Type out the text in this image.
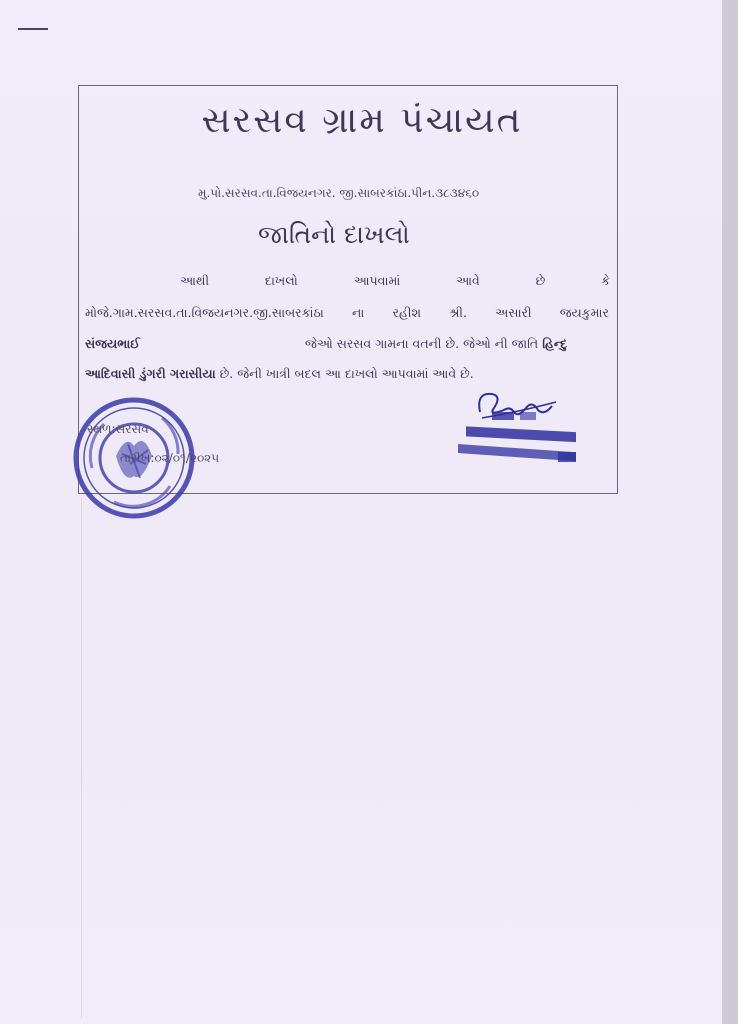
સરસવ ગ્રામ પંચાયત
મુ.પો.સરસવ.તા.વિજયનગર. જી.સાબરકાંઠા.પીન.૩૮૩૪૬૦
જાતિનો દાખલો
આથી	દાખલો	આપવામાં	આવે	છે	કે
મોજે.ગામ.સરસવ.તા.વિજયનગર.જી.સાબરકાંઠા ના રહીશ શ્રી. અસારી જયકુમાર
સંજયભાઈ	જેઓ સરસવ ગામના વતની છે. જેઓ ની જાતિ હિન્દુ
આદિવાસી ડુંગરી ગરાસીયા છે. જેની ખાત્રી બદલ આ દાખલો આપવામાં આવે છે.
સ્થળ:સરસવ
તારીખ:૦૨/૦૧/૨૦૨૫
